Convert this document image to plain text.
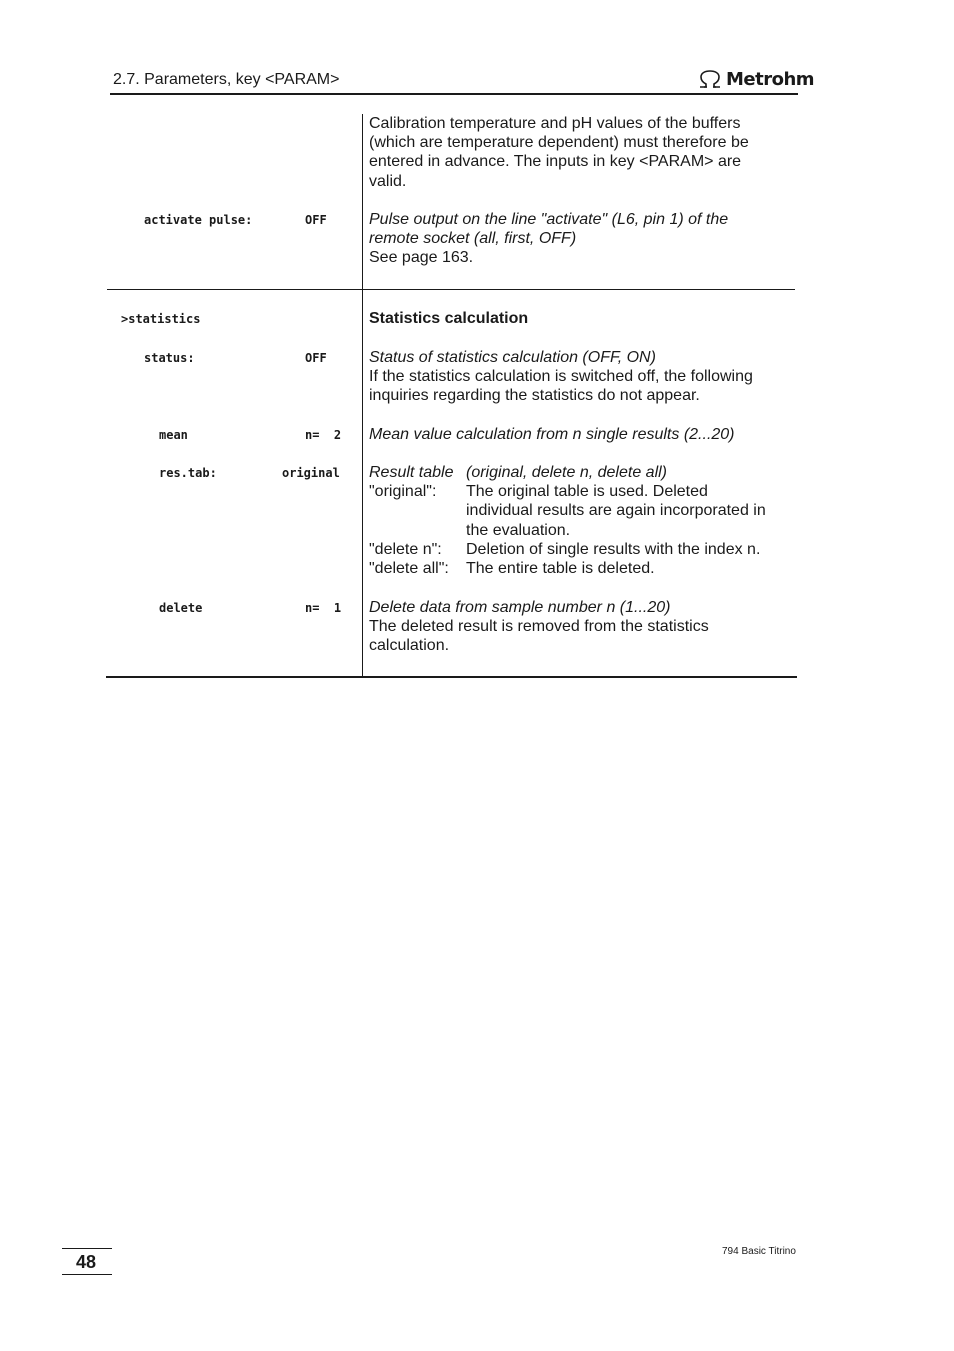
2.7. Parameters, key <PARAM>	Metrohm
Calibration temperature and pH values of the buffers
(which are temperature dependent) must therefore be
entered in advance. The inputs in key <PARAM> are
valid.
activate pulse:	OFF	Pulse output on the line "activate" (L6, pin 1) of the
remote socket (all, first, OFF)
See page 163.
>statistics	Statistics calculation
status:	OFF	Status of statistics calculation (OFF, ON)
If the statistics calculation is switched off, the following
inquiries regarding the statistics do not appear.
mean	n=  2 Mean value calculation from n single results (2...20)
res.tab:	original Result table (original, delete n, delete all)
"original":	The original table is used. Deleted
individual results are again incorporated in
the evaluation.
"delete n":	Deletion of single results with the index n.
"delete all":	The entire table is deleted.
delete	n=  1 Delete data from sample number n (1...20)
The deleted result is removed from the statistics
calculation.
48
794 Basic Titrino
